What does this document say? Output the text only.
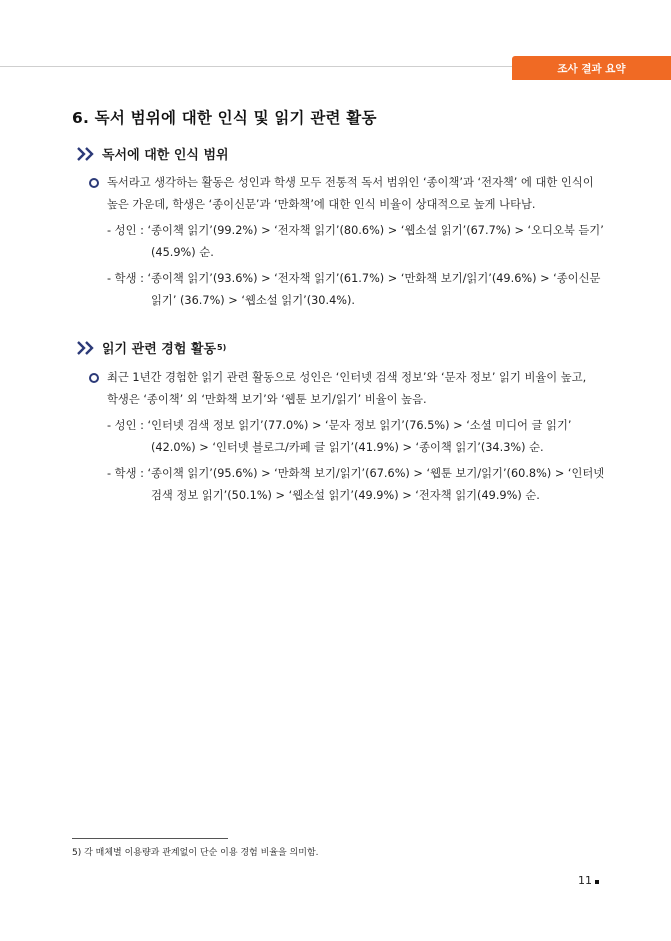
조사 결과 요약
6. 독서 범위에 대한 인식 및 읽기 관련 활동
독서에 대한 인식 범위
독서라고 생각하는 활동은 성인과 학생 모두 전통적 독서 범위인 ‘종이책’과 ‘전자책’ 에 대한 인식이
높은 가운데, 학생은 ‘종이신문’과 ‘만화책’에 대한 인식 비율이 상대적으로 높게 나타남.
- 성인 : ‘종이책 읽기’(99.2%) > ‘전자책 읽기’(80.6%) > ‘웹소설 읽기’(67.7%) > ‘오디오북 듣기’
(45.9%) 순.
- 학생 : ‘종이책 읽기’(93.6%) > ‘전자책 읽기’(61.7%) > ‘만화책 보기/읽기’(49.6%) > ‘종이신문
읽기’ (36.7%) > ‘웹소설 읽기’(30.4%).
읽기 관련 경험 활동 5)
최근 1년간 경험한 읽기 관련 활동으로 성인은 ‘인터넷 검색 정보’와 ‘문자 정보’ 읽기 비율이 높고,
학생은 ‘종이책’ 외 ‘만화책 보기’와 ‘웹툰 보기/읽기’ 비율이 높음.
- 성인 : ‘인터넷 검색 정보 읽기’(77.0%) > ‘문자 정보 읽기’(76.5%) > ‘소셜 미디어 글 읽기’
(42.0%) > ‘인터넷 블로그/카페 글 읽기’(41.9%) > ‘종이책 읽기’(34.3%) 순.
- 학생 : ‘종이책 읽기’(95.6%) > ‘만화책 보기/읽기’(67.6%) > ‘웹툰 보기/읽기’(60.8%) > ‘인터넷
검색 정보 읽기’(50.1%) > ‘웹소설 읽기’(49.9%) > ‘전자책 읽기(49.9%) 순.
5) 각 매체별 이용량과 관계없이 단순 이용 경험 비율을 의미함.
11
